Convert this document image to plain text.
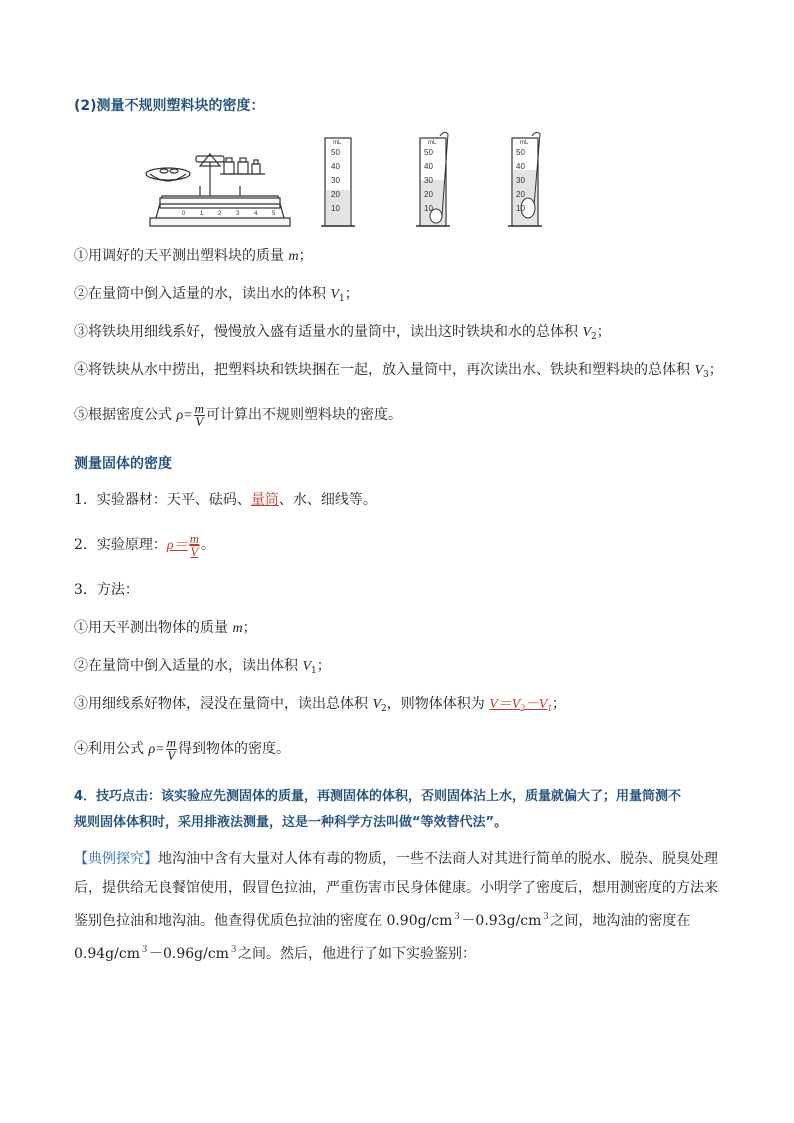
(2)测量不规则塑料块的密度：
0 1 2 3 4 5
mL
50
40
30
20
10
mL
50
40
30
20
10
mL
50
40
30
20
10
①用调好的天平测出塑料块的质量 m；
②在量筒中倒入适量的水，读出水的体积 $V_1$；
③将铁块用细线系好，慢慢放入盛有适量水的量筒中，读出这时铁块和水的总体积 $V_2$；
④将铁块从水中捞出，把塑料块和铁块捆在一起，放入量筒中，再次读出水、铁块和塑料块的总体积 $V_3$；
⑤根据密度公式 $\rho= \frac{m}{V}$ 可计算出不规则塑料块的密度。
测量固体的密度
1．实验器材：天平、砝码、量筒、水、细线等。
2．实验原理：$\rho= \frac{m}{V}$ 。
3．方法：
①用天平测出物体的质量 m；
②在量筒中倒入适量的水，读出体积 $V_1$；
③用细线系好物体，浸没在量筒中，读出总体积 $V_2$，则物体体积为 $V=V_2-V_1$；
④利用公式 $\rho= \frac{m}{V}$ 得到物体的密度。
4．技巧点击：该实验应先测固体的质量，再测固体的体积，否则固体沾上水，质量就偏大了；用量筒测不
规则固体体积时，采用排液法测量，这是一种科学方法叫做“等效替代法”。
【典例探究】地沟油中含有大量对人体有毒的物质，一些不法商人对其进行简单的脱水、脱杂、脱臭处理
后，提供给无良餐馆使用，假冒色拉油，严重伤害市民身体健康。小明学了密度后，想用测密度的方法来
鉴别色拉油和地沟油。他查得优质色拉油的密度在 $0.90g/cm^3-0.93g/cm^3$之间，地沟油的密度在
$0.94g/cm^3-0.96g/cm^3$之间。然后，他进行了如下实验鉴别：
